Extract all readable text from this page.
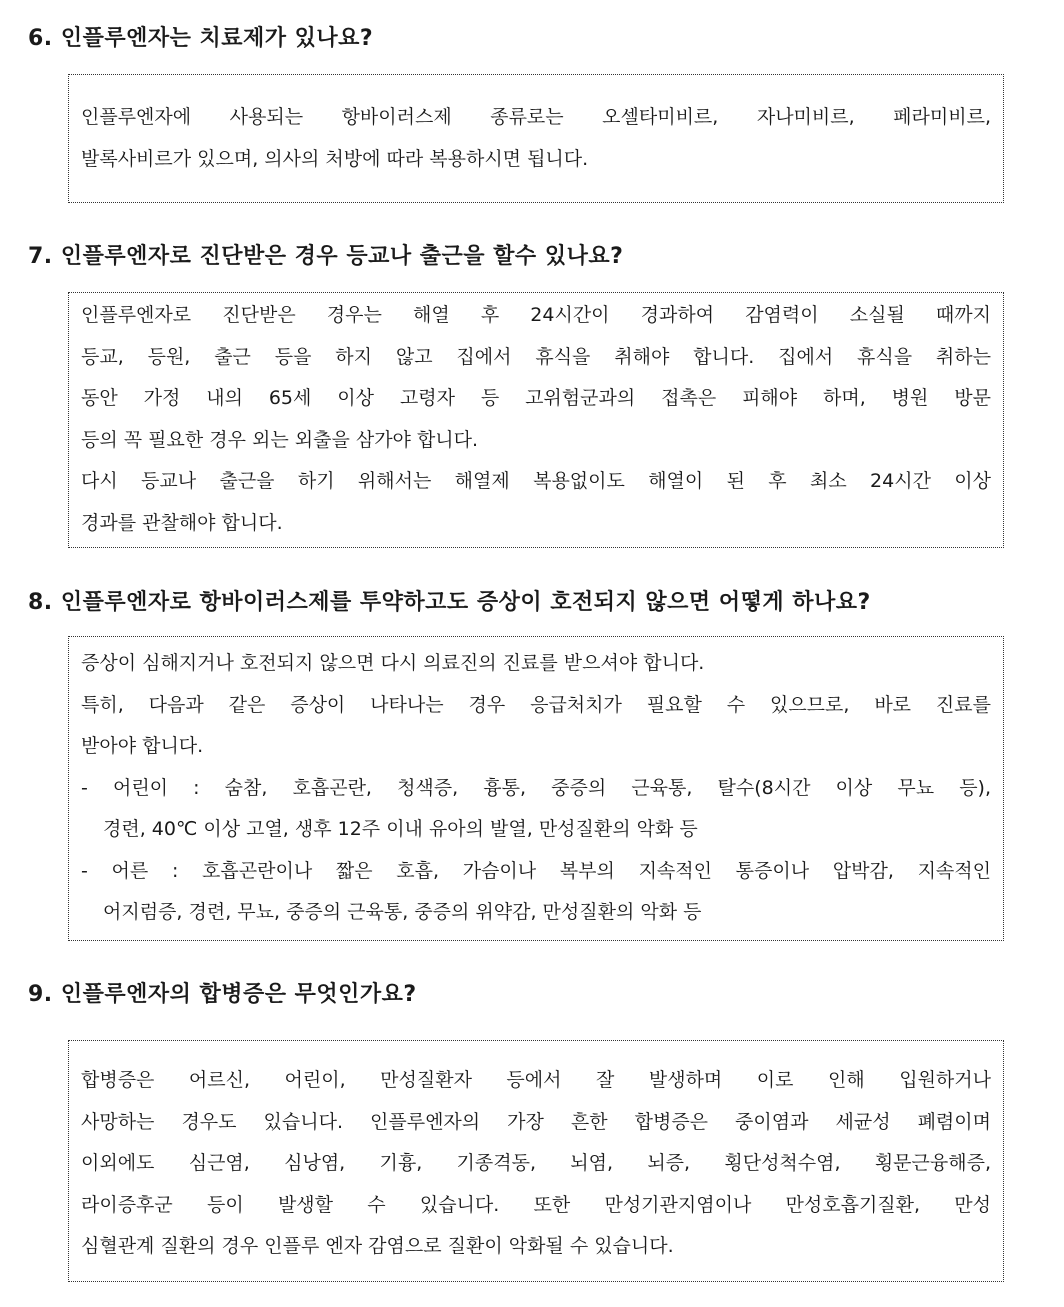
6. 인플루엔자는 치료제가 있나요?
인플루엔자에 사용되는 항바이러스제 종류로는 오셀타미비르, 자나미비르, 페라미비르,
발록사비르가 있으며, 의사의 처방에 따라 복용하시면 됩니다.
7. 인플루엔자로 진단받은 경우 등교나 출근을 할수 있나요?
인플루엔자로 진단받은 경우는 해열 후 24시간이 경과하여 감염력이 소실될 때까지
등교, 등원, 출근 등을 하지 않고 집에서 휴식을 취해야 합니다. 집에서 휴식을 취하는
동안 가정 내의 65세 이상 고령자 등 고위험군과의 접촉은 피해야 하며, 병원 방문
등의 꼭 필요한 경우 외는 외출을 삼가야 합니다.
다시 등교나 출근을 하기 위해서는 해열제 복용없이도 해열이 된 후 최소 24시간 이상
경과를 관찰해야 합니다.
8. 인플루엔자로 항바이러스제를 투약하고도 증상이 호전되지 않으면 어떻게 하나요?
증상이 심해지거나 호전되지 않으면 다시 의료진의 진료를 받으셔야 합니다.
특히, 다음과 같은 증상이 나타나는 경우 응급처치가 필요할 수 있으므로, 바로 진료를
받아야 합니다.
- 어린이 : 숨참, 호흡곤란, 청색증, 흉통, 중증의 근육통, 탈수(8시간 이상 무뇨 등),
경련, 40℃ 이상 고열, 생후 12주 이내 유아의 발열, 만성질환의 악화 등
- 어른 : 호흡곤란이나 짧은 호흡, 가슴이나 복부의 지속적인 통증이나 압박감, 지속적인
어지럼증, 경련, 무뇨, 중증의 근육통, 중증의 위약감, 만성질환의 악화 등
9. 인플루엔자의 합병증은 무엇인가요?
합병증은 어르신, 어린이, 만성질환자 등에서 잘 발생하며 이로 인해 입원하거나
사망하는 경우도 있습니다. 인플루엔자의 가장 흔한 합병증은 중이염과 세균성 폐렴이며
이외에도 심근염, 심낭염, 기흉, 기종격동, 뇌염, 뇌증, 횡단성척수염, 횡문근융해증,
라이증후군 등이 발생할 수 있습니다. 또한 만성기관지염이나 만성호흡기질환, 만성
심혈관계 질환의 경우 인플루 엔자 감염으로 질환이 악화될 수 있습니다.
